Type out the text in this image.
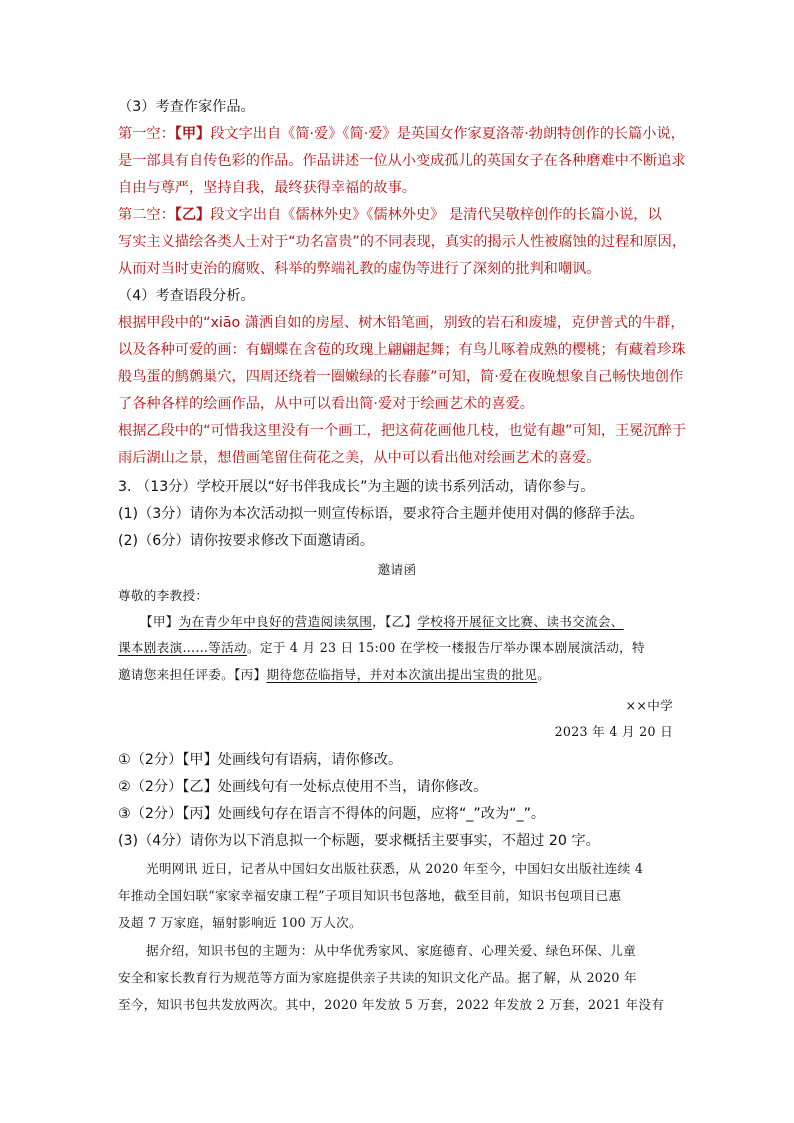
（3）考查作家作品。
第一空：【甲】段文字出自《简·爱》《简·爱》是英国女作家夏洛蒂·勃朗特创作的长篇小说，
是一部具有自传色彩的作品。作品讲述一位从小变成孤儿的英国女子在各种磨难中不断追求
自由与尊严，坚持自我，最终获得幸福的故事。
第二空：【乙】段文字出自《儒林外史》《儒林外史》 是清代吴敬梓创作的长篇小说，以
写实主义描绘各类人士对于“功名富贵”的不同表现，真实的揭示人性被腐蚀的过程和原因，
从而对当时吏治的腐败、科举的弊端礼教的虚伪等进行了深刻的批判和嘲讽。
（4）考查语段分析。
根据甲段中的“xiāo 潇洒自如的房屋、树木铅笔画，别致的岩石和废墟，克伊普式的牛群，
以及各种可爱的画：有蝴蝶在含苞的玫瑰上翩翩起舞；有鸟儿啄着成熟的樱桃；有藏着珍珠
般鸟蛋的鹪鹩巢穴，四周还绕着一圈嫩绿的长春藤”可知，简·爱在夜晚想象自己畅快地创作
了各种各样的绘画作品，从中可以看出简·爱对于绘画艺术的喜爱。
根据乙段中的“可惜我这里没有一个画工，把这荷花画他几枝，也觉有趣”可知，王冕沉醉于
雨后湖山之景，想借画笔留住荷花之美，从中可以看出他对绘画艺术的喜爱。
3. （13分）学校开展以“好书伴我成长”为主题的读书系列活动，请你参与。
(1)（3分）请你为本次活动拟一则宣传标语，要求符合主题并使用对偶的修辞手法。
(2)（6分）请你按要求修改下面邀请函。
邀请函
尊敬的李教授：
【甲】为在青少年中良好的营造阅读氛围，【乙】学校将开展征文比赛、读书交流会、
课本剧表演……等活动。定于 4 月 23 日 15:00 在学校一楼报告厅举办课本剧展演活动，特
邀请您来担任评委。【丙】期待您莅临指导，并对本次演出提出宝贵的批见。
××中学
2023 年 4 月 20 日
①（2分）【甲】处画线句有语病，请你修改。
②（2分）【乙】处画线句有一处标点使用不当，请你修改。
③（2分）【丙】处画线句存在语言不得体的问题，应将“_”改为“_”。
(3)（4分）请你为以下消息拟一个标题，要求概括主要事实，不超过 20 字。
光明网讯 近日，记者从中国妇女出版社获悉，从 2020 年至今，中国妇女出版社连续 4
年推动全国妇联“家家幸福安康工程”子项目知识书包落地，截至目前，知识书包项目已惠
及超 7 万家庭，辐射影响近 100 万人次。
据介绍，知识书包的主题为：从中华优秀家风、家庭德育、心理关爱、绿色环保、儿童
安全和家长教育行为规范等方面为家庭提供亲子共读的知识文化产品。据了解，从 2020 年
至今，知识书包共发放两次。其中，2020 年发放 5 万套，2022 年发放 2 万套，2021 年没有
